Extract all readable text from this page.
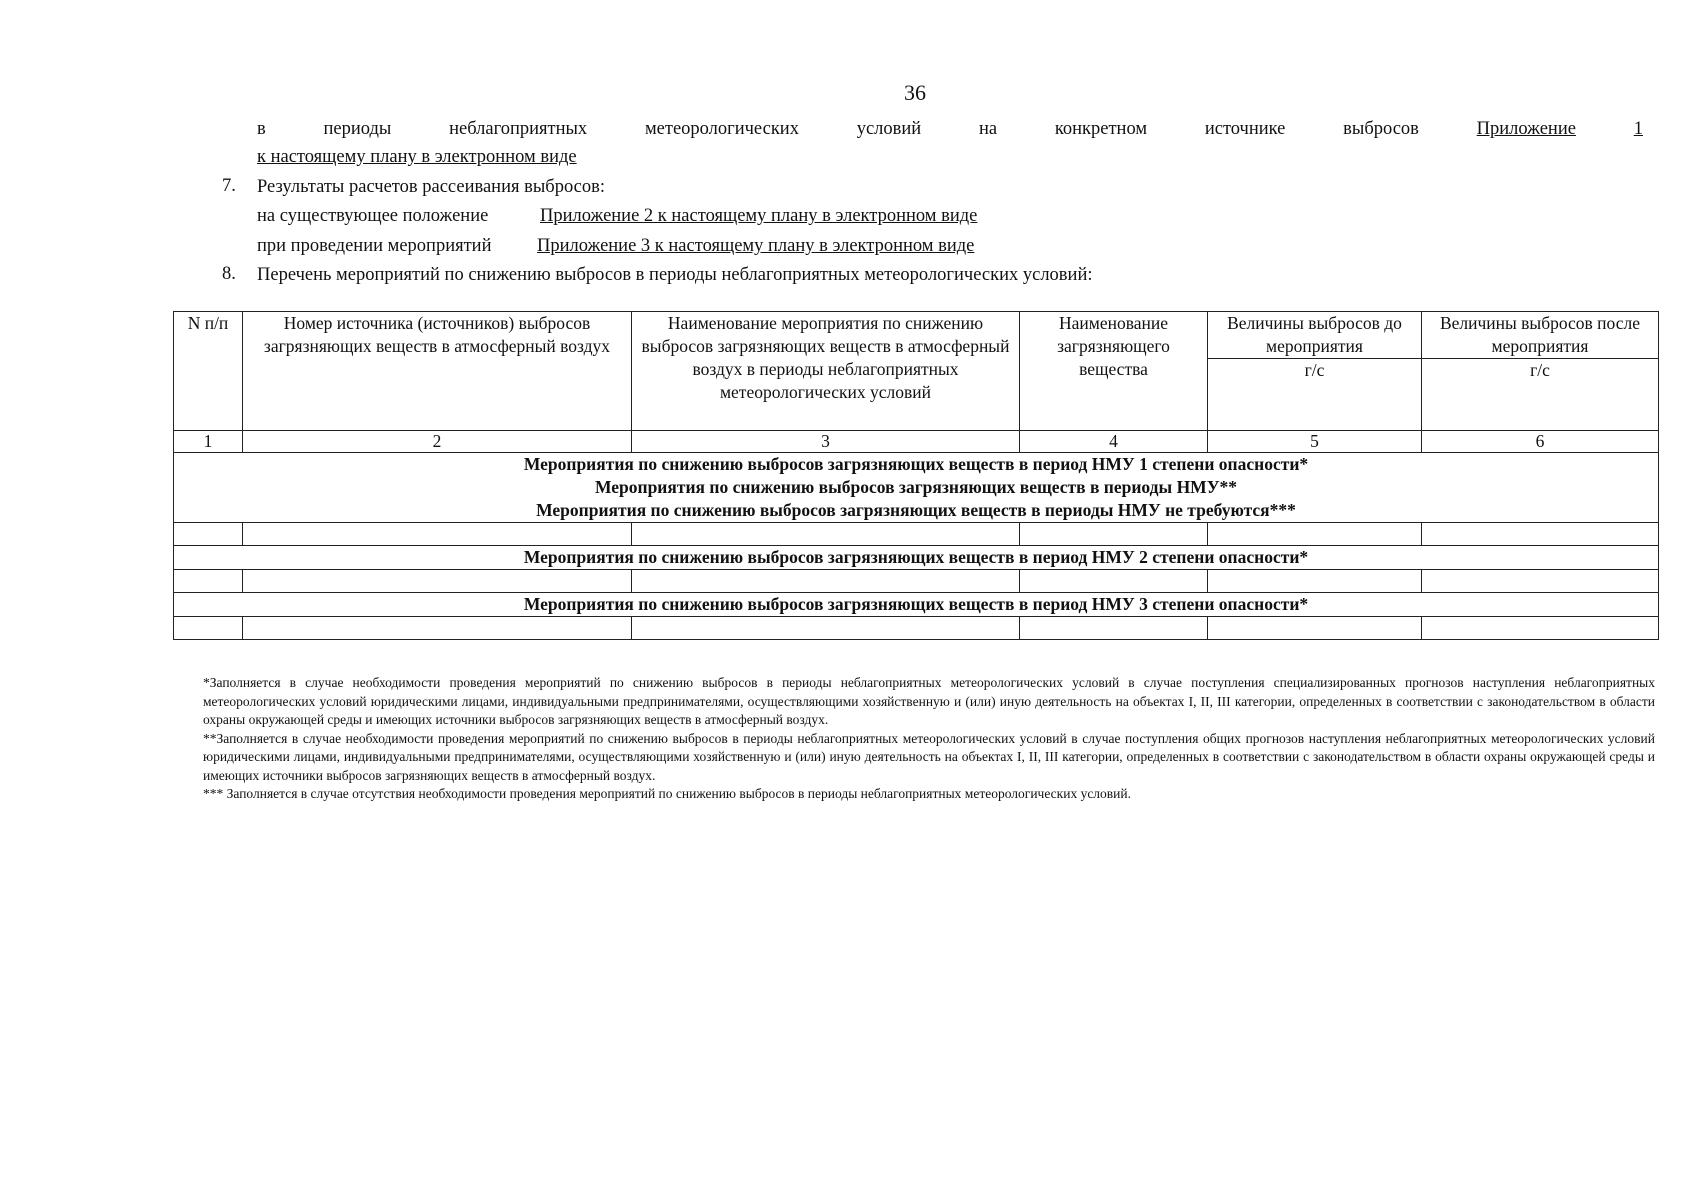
36
в	периоды	неблагоприятных	метеорологических	условий	на	конкретном	источнике	выбросов	Приложение	1
к настоящему плану в электронном виде
7. Результаты расчетов рассеивания выбросов:
на существующее положение	Приложение 2 к настоящему плану в электронном виде
при проведении мероприятий Приложение 3 к настоящему плану в электронном виде
8. Перечень мероприятий по снижению выбросов в периоды неблагоприятных метеорологических условий:
N п/п	Номер источника (источников) выбросов загрязняющих веществ в атмосферный воздух	Наименование мероприятия по снижению выбросов загрязняющих веществ в атмосферный воздух в периоды неблагоприятных метеорологических условий	Наименование загрязняющего вещества	Величины выбросов до мероприятия	Величины выбросов после мероприятия
				г/с	г/с
1	2	3	4	5	6

Мероприятия по снижению выбросов загрязняющих веществ в период НМУ 1 степени опасности*
Мероприятия по снижению выбросов загрязняющих веществ в периоды НМУ**
Мероприятия по снижению выбросов загрязняющих веществ в периоды НМУ не требуются***					

Мероприятия по снижению выбросов загрязняющих веществ в период НМУ 2 степени опасности*					

Мероприятия по снижению выбросов загрязняющих веществ в период НМУ 3 степени опасности*					

*Заполняется в случае необходимости проведения мероприятий по снижению выбросов в периоды неблагоприятных метеорологических условий в случае поступления специализированных прогнозов наступления неблагоприятных метеорологических условий юридическими лицами, индивидуальными предпринимателями, осуществляющими хозяйственную и (или) иную деятельность на объектах I, II, III категории, определенных в соответствии с законодательством в области охраны окружающей среды и имеющих источники выбросов загрязняющих веществ в атмосферный воздух.

**Заполняется в случае необходимости проведения мероприятий по снижению выбросов в периоды неблагоприятных метеорологических условий в случае поступления общих прогнозов наступления неблагоприятных метеорологических условий юридическими лицами, индивидуальными предпринимателями, осуществляющими хозяйственную и (или) иную деятельность на объектах I, II, III категории, определенных в соответствии с законодательством в области охраны окружающей среды и имеющих источники выбросов загрязняющих веществ в атмосферный воздух.

*** Заполняется в случае отсутствия необходимости проведения мероприятий по снижению выбросов в периоды неблагоприятных метеорологических условий.
